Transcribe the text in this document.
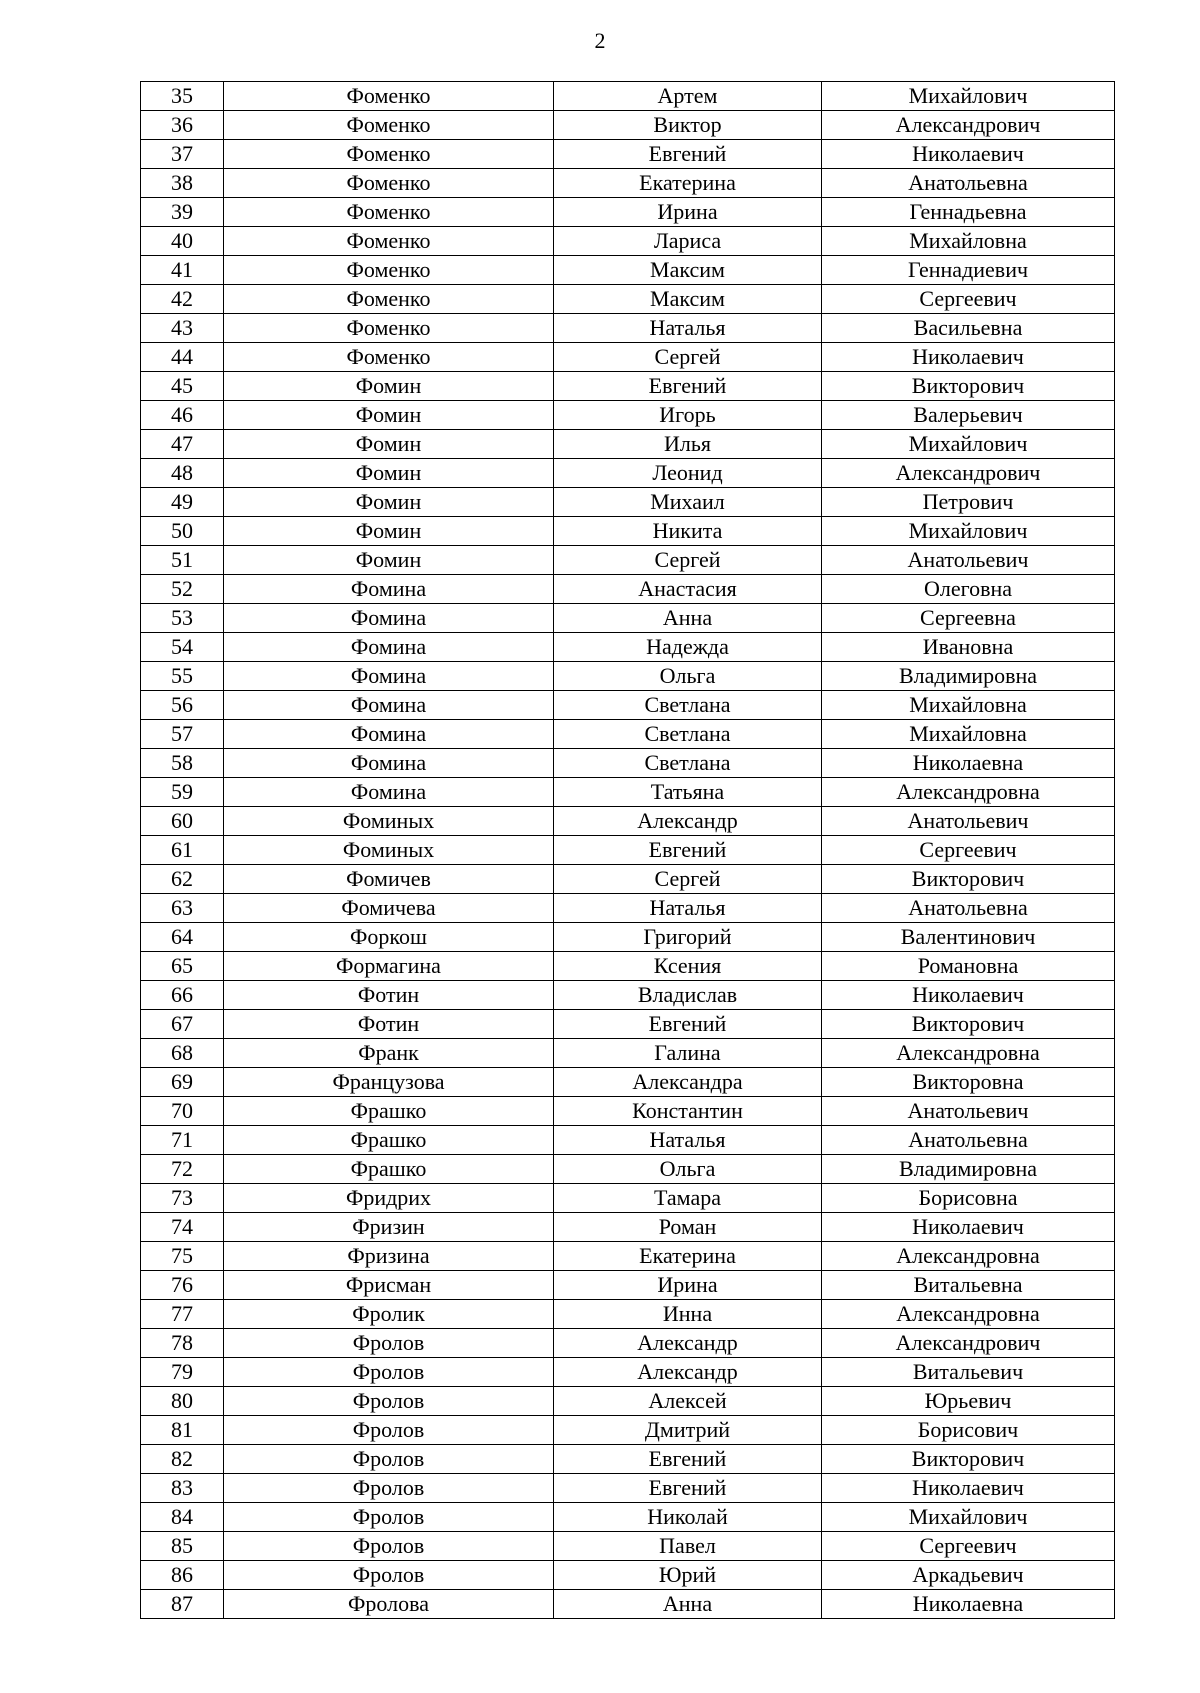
2
35	Фоменко	Артем	Михайлович
36	Фоменко	Виктор	Александрович
37	Фоменко	Евгений	Николаевич
38	Фоменко	Екатерина	Анатольевна
39	Фоменко	Ирина	Геннадьевна
40	Фоменко	Лариса	Михайловна
41	Фоменко	Максим	Геннадиевич
42	Фоменко	Максим	Сергеевич
43	Фоменко	Наталья	Васильевна
44	Фоменко	Сергей	Николаевич
45	Фомин	Евгений	Викторович
46	Фомин	Игорь	Валерьевич
47	Фомин	Илья	Михайлович
48	Фомин	Леонид	Александрович
49	Фомин	Михаил	Петрович
50	Фомин	Никита	Михайлович
51	Фомин	Сергей	Анатольевич
52	Фомина	Анастасия	Олеговна
53	Фомина	Анна	Сергеевна
54	Фомина	Надежда	Ивановна
55	Фомина	Ольга	Владимировна
56	Фомина	Светлана	Михайловна
57	Фомина	Светлана	Михайловна
58	Фомина	Светлана	Николаевна
59	Фомина	Татьяна	Александровна
60	Фоминых	Александр	Анатольевич
61	Фоминых	Евгений	Сергеевич
62	Фомичев	Сергей	Викторович
63	Фомичева	Наталья	Анатольевна
64	Форкош	Григорий	Валентинович
65	Формагина	Ксения	Романовна
66	Фотин	Владислав	Николаевич
67	Фотин	Евгений	Викторович
68	Франк	Галина	Александровна
69	Французова	Александра	Викторовна
70	Фрашко	Константин	Анатольевич
71	Фрашко	Наталья	Анатольевна
72	Фрашко	Ольга	Владимировна
73	Фридрих	Тамара	Борисовна
74	Фризин	Роман	Николаевич
75	Фризина	Екатерина	Александровна
76	Фрисман	Ирина	Витальевна
77	Фролик	Инна	Александровна
78	Фролов	Александр	Александрович
79	Фролов	Александр	Витальевич
80	Фролов	Алексей	Юрьевич
81	Фролов	Дмитрий	Борисович
82	Фролов	Евгений	Викторович
83	Фролов	Евгений	Николаевич
84	Фролов	Николай	Михайлович
85	Фролов	Павел	Сергеевич
86	Фролов	Юрий	Аркадьевич
87	Фролова	Анна	Николаевна
